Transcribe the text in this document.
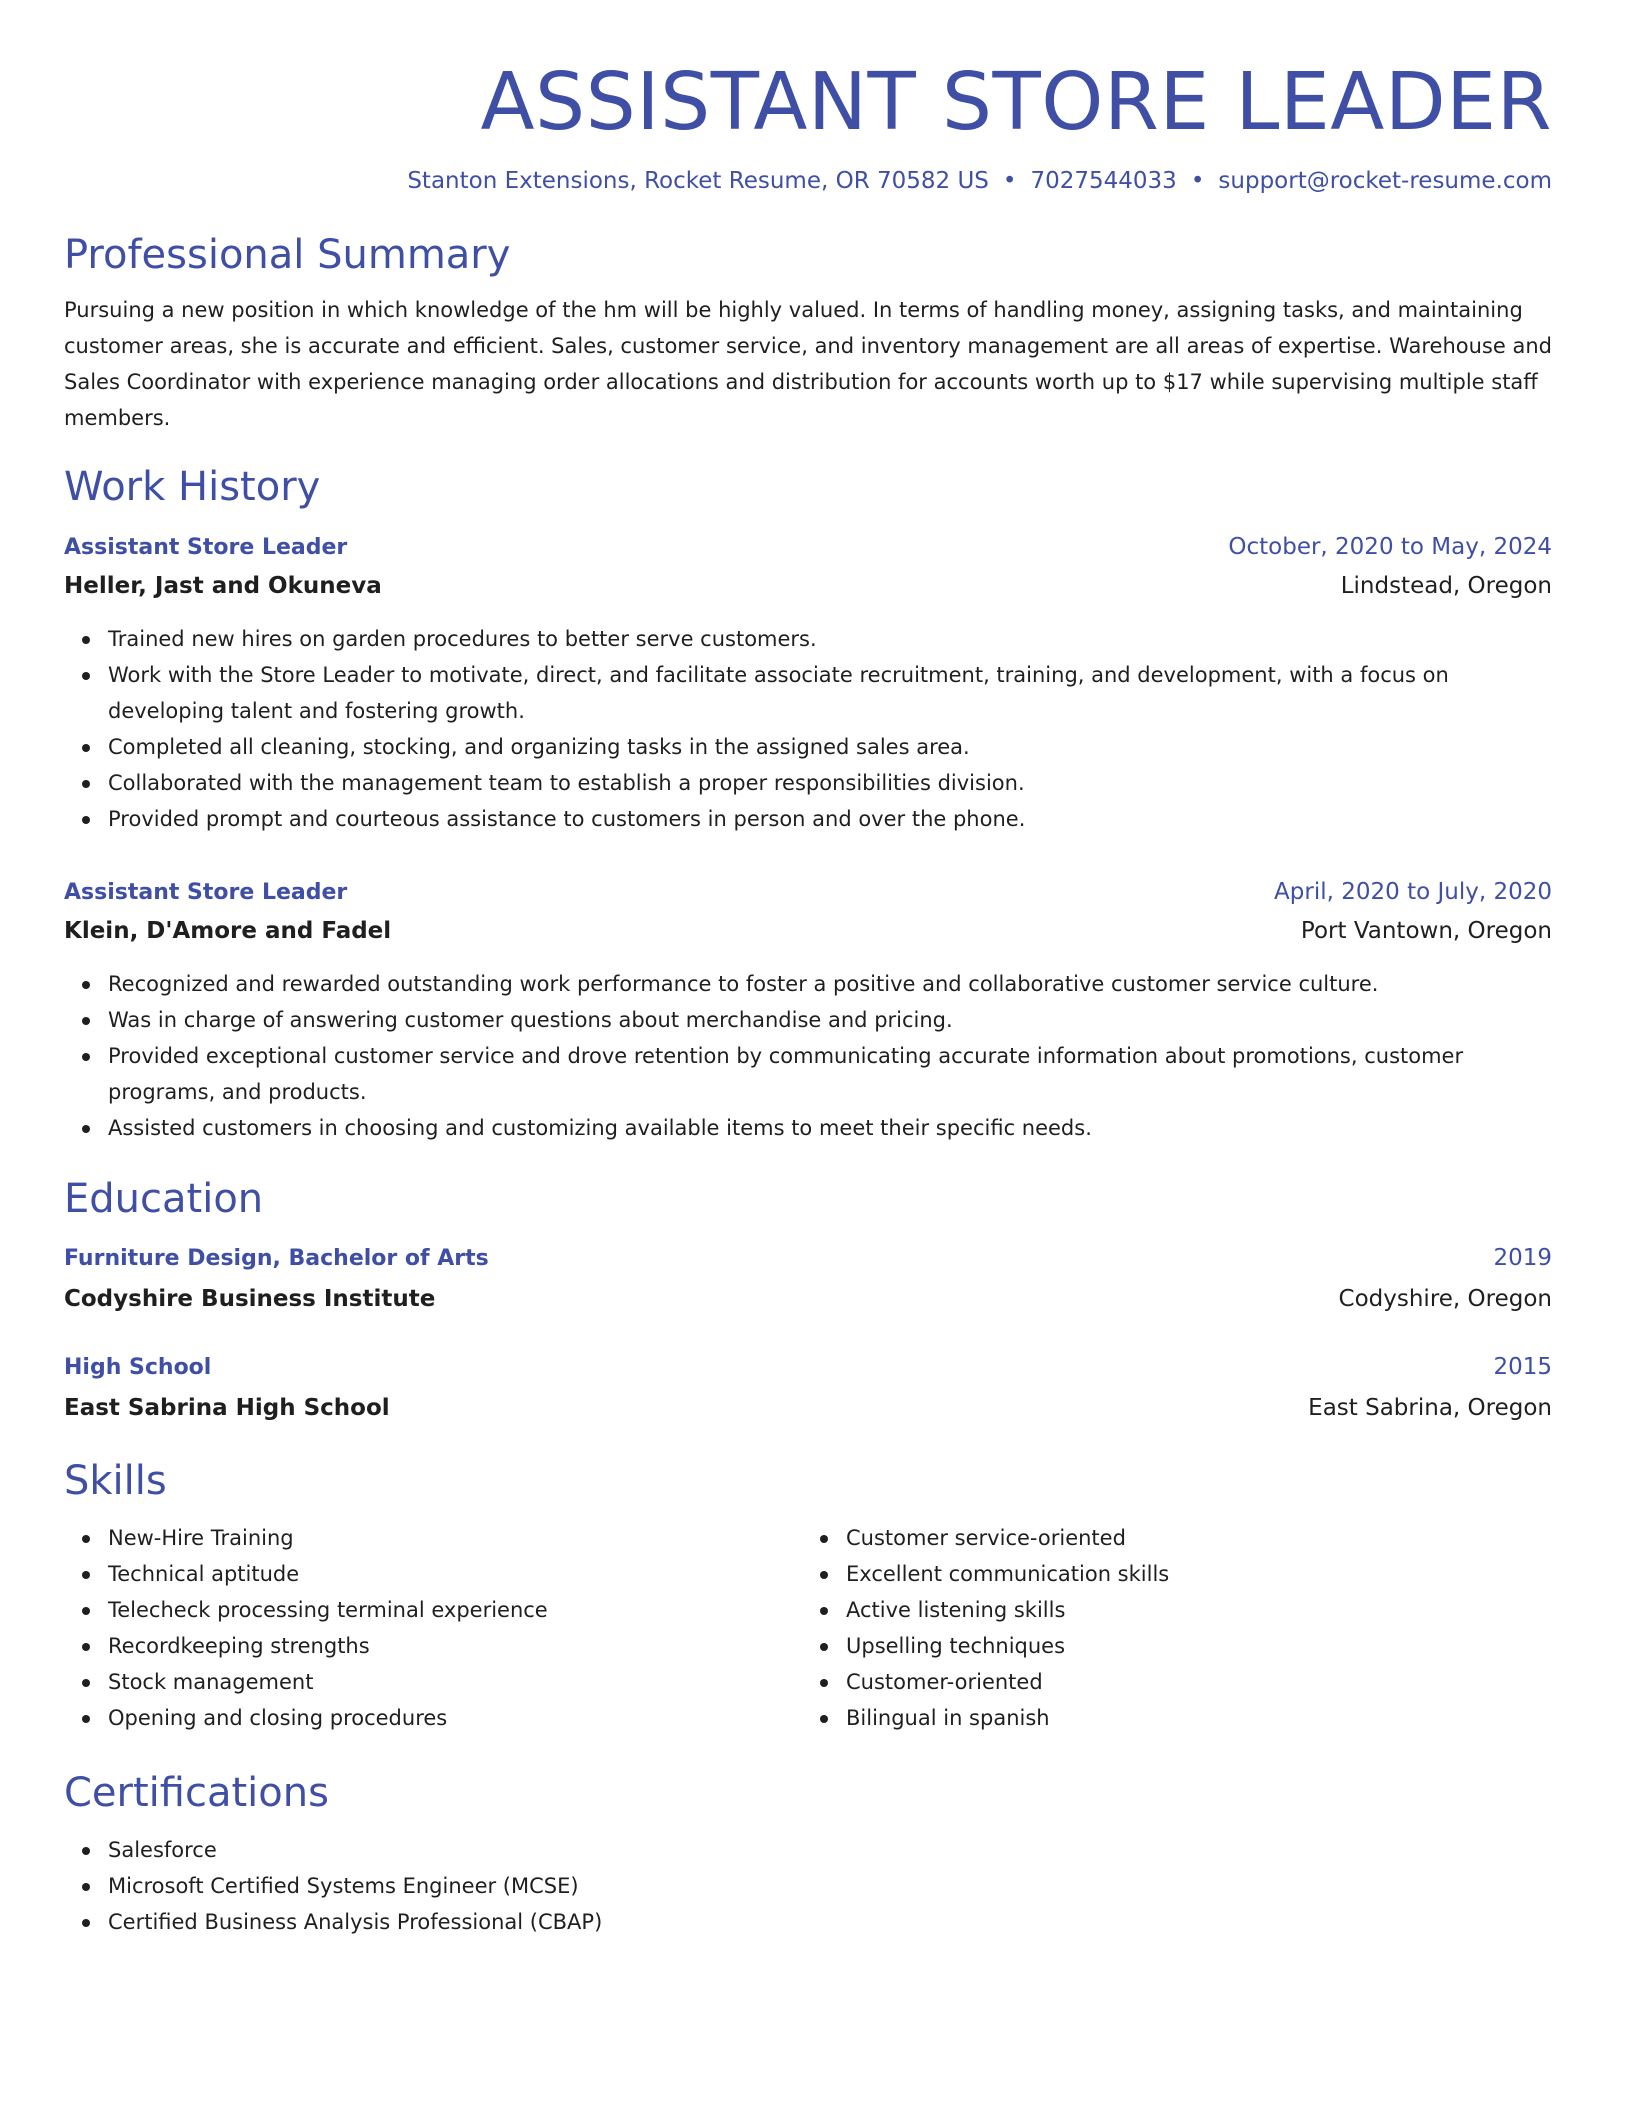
ASSISTANT STORE LEADER
Stanton Extensions, Rocket Resume, OR 70582 US • 7027544033 • support@rocket-resume.com
Professional Summary
Pursuing a new position in which knowledge of the hm will be highly valued. In terms of handling money, assigning tasks, and maintaining customer areas, she is accurate and efficient. Sales, customer service, and inventory management are all areas of expertise. Warehouse and Sales Coordinator with experience managing order allocations and distribution for accounts worth up to $17 while supervising multiple staff members.
Work History
Assistant Store Leader	October, 2020 to May, 2024
Heller, Jast and Okuneva	Lindstead, Oregon
Trained new hires on garden procedures to better serve customers.
Work with the Store Leader to motivate, direct, and facilitate associate recruitment, training, and development, with a focus on developing talent and fostering growth.
Completed all cleaning, stocking, and organizing tasks in the assigned sales area.
Collaborated with the management team to establish a proper responsibilities division.
Provided prompt and courteous assistance to customers in person and over the phone.
Assistant Store Leader	April, 2020 to July, 2020
Klein, D'Amore and Fadel	Port Vantown, Oregon
Recognized and rewarded outstanding work performance to foster a positive and collaborative customer service culture.
Was in charge of answering customer questions about merchandise and pricing.
Provided exceptional customer service and drove retention by communicating accurate information about promotions, customer programs, and products.
Assisted customers in choosing and customizing available items to meet their specific needs.
Education
Furniture Design, Bachelor of Arts	2019
Codyshire Business Institute	Codyshire, Oregon
High School	2015
East Sabrina High School	East Sabrina, Oregon
Skills
New-Hire Training
Technical aptitude
Telecheck processing terminal experience
Recordkeeping strengths
Stock management
Opening and closing procedures
Customer service-oriented
Excellent communication skills
Active listening skills
Upselling techniques
Customer-oriented
Bilingual in spanish
Certifications
Salesforce
Microsoft Certified Systems Engineer (MCSE)
Certified Business Analysis Professional (CBAP)
